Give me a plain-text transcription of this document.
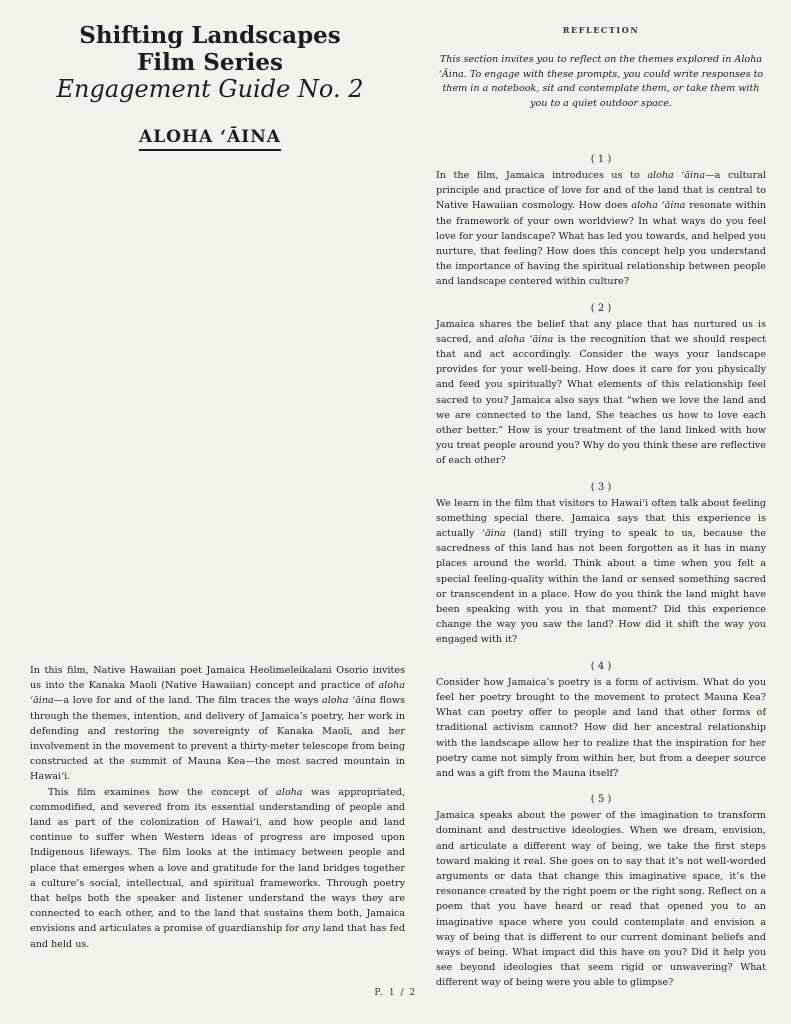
Shifting Landscapes
Film Series
Engagement Guide No. 2
ALOHA ʻĀINA

In this film, Native Hawaiian poet Jamaica Heolimeleikalani Osorio invites us into the Kanaka Maoli (Native Hawaiian) concept and practice of aloha ʻāina—a love for and of the land. The film traces the ways aloha ʻāina flows through the themes, intention, and delivery of Jamaica’s poetry, her work in defending and restoring the sovereignty of Kanaka Maoli, and her involvement in the movement to prevent a thirty-meter telescope from being constructed at the summit of Mauna Kea—the most sacred mountain in Hawaiʻi.

This film examines how the concept of aloha was appropriated, commodified, and severed from its essential understanding of people and land as part of the colonization of Hawaiʻi, and how people and land continue to suffer when Western ideas of progress are imposed upon Indigenous lifeways. The film looks at the intimacy between people and place that emerges when a love and gratitude for the land bridges together a culture’s social, intellectual, and spiritual frameworks. Through poetry that helps both the speaker and listener understand the ways they are connected to each other, and to the land that sustains them both, Jamaica envisions and articulates a promise of guardianship for any land that has fed and held us.

REFLECTION
This section invites you to reflect on the themes explored in Aloha ʻĀina. To engage with these prompts, you could write responses to them in a notebook, sit and contemplate them, or take them with you to a quiet outdoor space.
( 1 )

In the film, Jamaica introduces us to aloha ʻāina—a cultural principle and practice of love for and of the land that is central to Native Hawaiian cosmology. How does aloha ʻāina resonate within the framework of your own worldview? In what ways do you feel love for your landscape? What has led you towards, and helped you nurture, that feeling? How does this concept help you understand the importance of having the spiritual relationship between people and landscape centered within culture?

( 2 )

Jamaica shares the belief that any place that has nurtured us is sacred, and aloha ʻāina is the recognition that we should respect that and act accordingly. Consider the ways your landscape provides for your well-being. How does it care for you physically and feed you spiritually? What elements of this relationship feel sacred to you? Jamaica also says that “when we love the land and we are connected to the land, She teaches us how to love each other better.” How is your treatment of the land linked with how you treat people around you? Why do you think these are reflective of each other?

( 3 )

We learn in the film that visitors to Hawaiʻi often talk about feeling something special there. Jamaica says that this experience is actually ʻāina (land) still trying to speak to us, because the sacredness of this land has not been forgotten as it has in many places around the world. Think about a time when you felt a special feeling-quality within the land or sensed something sacred or transcendent in a place. How do you think the land might have been speaking with you in that moment? Did this experience change the way you saw the land? How did it shift the way you engaged with it?

( 4 )

Consider how Jamaica’s poetry is a form of activism. What do you feel her poetry brought to the movement to protect Mauna Kea? What can poetry offer to people and land that other forms of traditional activism cannot? How did her ancestral relationship with the landscape allow her to realize that the inspiration for her poetry came not simply from within her, but from a deeper source and was a gift from the Mauna itself?

( 5 )

Jamaica speaks about the power of the imagination to transform dominant and destructive ideologies. When we dream, envision, and articulate a different way of being, we take the first steps toward making it real. She goes on to say that it’s not well-worded arguments or data that change this imaginative space, it’s the resonance created by the right poem or the right song. Reflect on a poem that you have heard or read that opened you to an imaginative space where you could contemplate and envision a way of being that is different to our current dominant beliefs and ways of being. What impact did this have on you? Did it help you see beyond ideologies that seem rigid or unwavering? What different way of being were you able to glimpse?

P. 1 / 2
